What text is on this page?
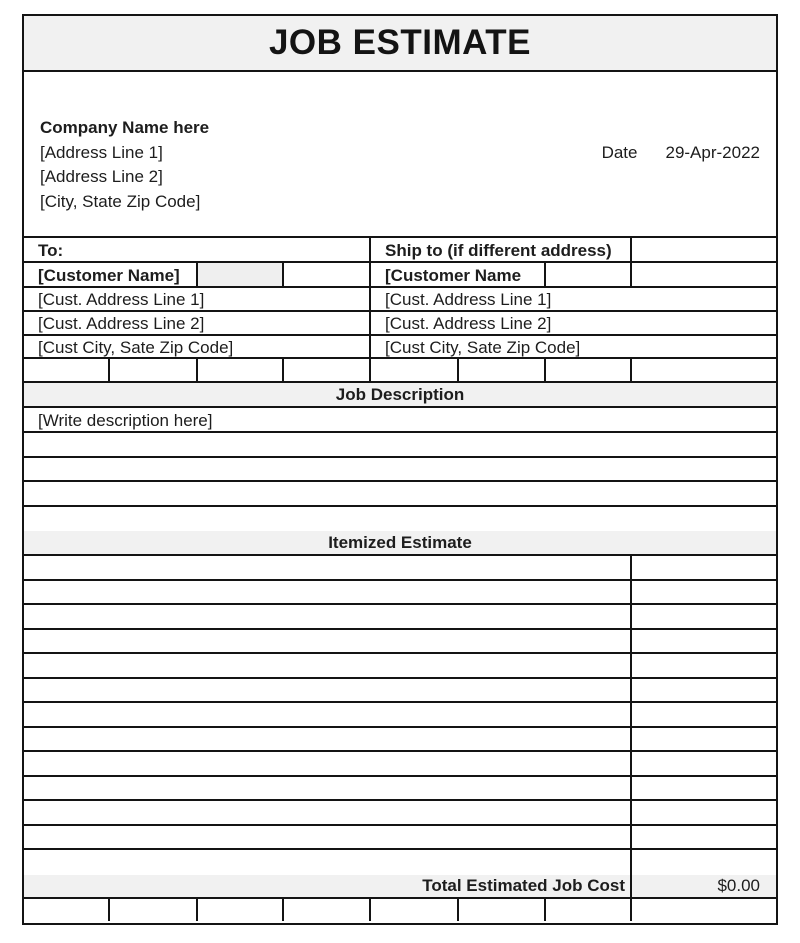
JOB ESTIMATE
Company Name here
[Address Line 1]
[Address Line 2]
[City, State Zip Code]
Date 29-Apr-2022
To:	Ship to (if different address)
[Customer Name]	[Customer Name
[Cust. Address Line 1]	[Cust. Address Line 1]
[Cust. Address Line 2]	[Cust. Address Line 2]
[Cust City, Sate Zip Code]	[Cust City, Sate Zip Code]
Job Description
[Write description here]
Itemized Estimate
Total Estimated Job Cost	$0.00
